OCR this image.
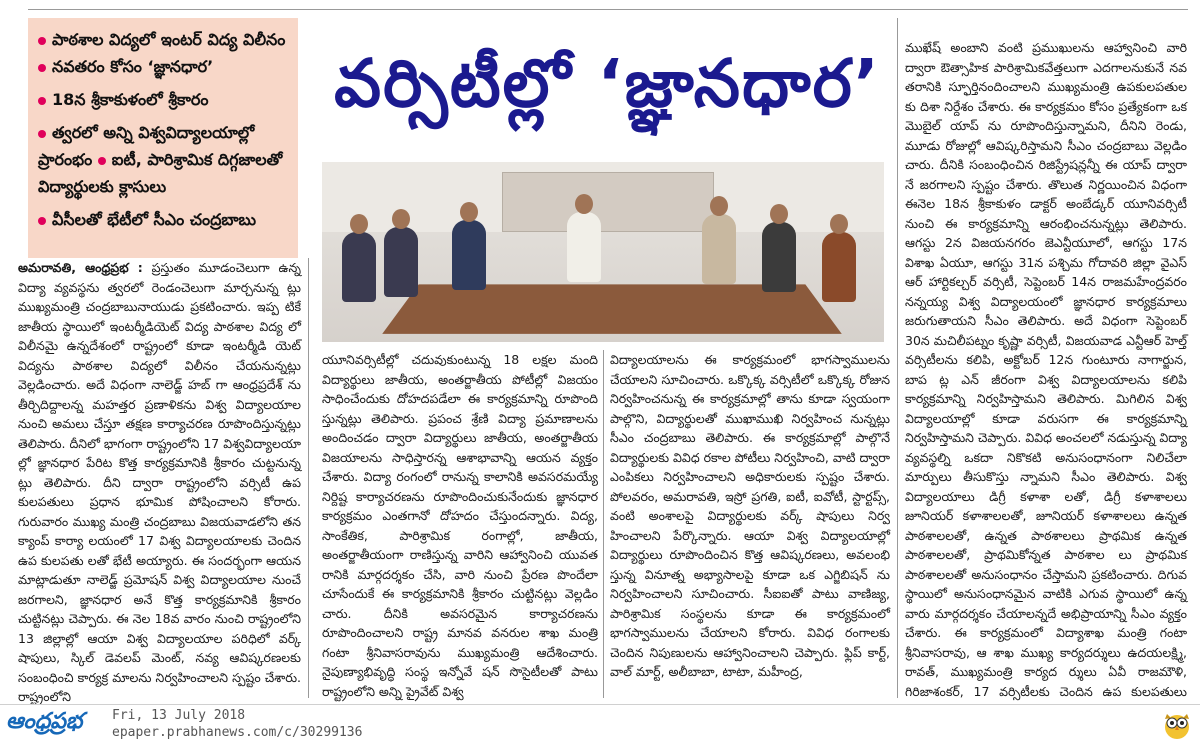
పాఠశాల విద్యలో ఇంటర్ విద్య విలీనం నవతరం కోసం ‘జ్ఞానధార’

18న శ్రీకాకుళంలో శ్రీకారం

త్వరలో అన్ని విశ్వవిద్యాలయాల్లో ప్రారంభం ఐటీ, పారిశ్రామిక దిగ్గజాలతో విద్యార్థులకు క్లాసులు

వీసీలతో భేటీలో సీఎం చంద్రబాబు

వర్సిటీల్లో ‘జ్ఞానధార’

అమరావతి, ఆంధ్రప్రభ : ప్రస్తుతం మూడంచెలుగా ఉన్న విద్యా వ్యవస్థను త్వరలో రెండంచెలుగా మార్చనున్న ట్లు ముఖ్యమంత్రి చంద్రబాబునాయుడు ప్రకటించారు. ఇప్ప టికే జాతీయ స్థాయిలో ఇంటర్మీడియెట్ విద్య పాఠశాల విద్య లో విలీనమై ఉన్నదేశంలో రాష్ట్రంలో కూడా ఇంటర్మీడి యెట్ విద్యను పాఠశాల విద్యలో విలీనం చేయనున్నట్లు వెల్లడించారు. అదే విధంగా నాలెడ్జ్ హబ్ గా ఆంధ్రప్రదేశ్ ను తీర్చిదిద్దాలన్న మహత్తర ప్రణాళికను విశ్వ విద్యాలయాల నుంచి అమలు చేస్తూ తక్షణ కార్యాచరణ రూపొందిస్తున్నట్లు తెలిపారు. దీనిలో భాగంగా రాష్ట్రంలోని 17 విశ్వవిద్యాలయా ల్లో జ్ఞానధార పేరిట కొత్త కార్యక్రమానికి శ్రీకారం చుట్టనున్న ట్లు తెలిపారు. దీని ద్వారా రాష్ట్రంలోని వర్సిటీ ఉప కులపతులు ప్రధాన భూమిక పోషించాలని కోరారు. గురువారం ముఖ్య మంత్రి చంద్రబాబు విజయవాడలోని తన క్యాంప్ కార్యా లయంలో 17 విశ్వ విద్యాలయాలకు చెందిన ఉప కులపతు లతో భేటీ అయ్యారు. ఈ సందర్భంగా ఆయన మాట్లాడుతూ నాలెడ్జ్ ప్రమోషన్ విశ్వ విద్యాలయాల నుంచే జరగాలని, జ్ఞానధార అనే కొత్త కార్యక్రమానికి శ్రీకారం చుట్టినట్లు చెప్పారు. ఈ నెల 18వ వారం నుంచి రాష్ట్రంలోని 13 జిల్లాల్లో ఆయా విశ్వ విద్యాలయాల పరిధిలో వర్క్ షాపులు, స్కిల్ డెవలప్ మెంట్, నవ్య ఆవిష్కరణలకు సంబంధించి కార్యక్ర మాలను నిర్వహించాలని స్పష్టం చేశారు. రాష్ట్రంలోని

యూనివర్సిటీల్లో చదువుకుంటున్న 18 లక్షల మంది విద్యార్థులు జాతీయ, అంతర్జాతీయ పోటీల్లో విజయం సాధించేందుకు దోహదపడేలా ఈ కార్యక్రమాన్ని రూపొంది స్తున్నట్లు తెలిపారు. ప్రపంచ శ్రేణి విద్యా ప్రమాణాలను అందించడం ద్వారా విద్యార్థులు జాతీయ, అంతర్జాతీయ విజయాలను సాధిస్తారన్న ఆశాభావాన్ని ఆయన వ్యక్తం చేశారు. విద్యా రంగంలో రానున్న కాలానికి అవసరమయ్యే నిర్దిష్ట కార్యాచరణను రూపొందించుకునేందుకు జ్ఞానధార కార్యక్రమం ఎంతగానో దోహదం చేస్తుందన్నారు. విద్య, సాంకేతిక, పారిశ్రామిక రంగాల్లో, జాతీయ, అంతర్జాతీయంగా రాణిస్తున్న వారిని ఆహ్వానించి యువత రానికి మార్గదర్శకం చేసి, వారి నుంచి ప్రేరణ పొందేలా చూసేందుకే ఈ కార్యక్రమానికి శ్రీకారం చుట్టినట్లు వెల్లడిం చారు. దీనికి అవసరమైన కార్యాచరణను రూపొందించాలని రాష్ట్ర మానవ వనరుల శాఖ మంత్రి గంటా శ్రీనివాసరావును ముఖ్యమంత్రి ఆదేశించారు. నైపుణ్యాభివృద్ధి సంస్థ ఇన్నోవే షన్ సొసైటీలతో పాటు రాష్ట్రంలోని అన్ని ప్రైవేట్ విశ్వ

విద్యాలయాలను ఈ కార్యక్రమంలో భాగస్వాములను చేయాలని సూచించారు. ఒక్కొక్క వర్సిటీలో ఒక్కొక్క రోజున నిర్వహించనున్న ఈ కార్యక్రమాల్లో తాను కూడా స్వయంగా పాల్గొని, విద్యార్థులతో ముఖాముఖి నిర్వహించ నున్నట్లు సీఎం చంద్రబాబు తెలిపారు. ఈ కార్యక్రమాల్లో పాల్గొనే విద్యార్థులకు వివిధ రకాల పోటీలు నిర్వహించి, వాటి ద్వారా ఎంపికలు నిర్వహించాలని అధికారులకు స్పష్టం చేశారు. పోలవరం, అమరావతి, ఇస్రో ప్రగతి, ఐటీ, ఐవోటీ, స్టార్టప్స్, వంటి అంశాలపై విద్యార్థులకు వర్క్ షాపులు నిర్వ హించాలని పేర్కొన్నారు. ఆయా విశ్వ విద్యాలయాల్లో విద్యార్థులు రూపొందించిన కొత్త ఆవిష్కరణలు, అవలంభి స్తున్న వినూత్న అభ్యాసాలపై కూడా ఒక ఎగ్జిబిషన్ ను నిర్వహించాలని సూచించారు. సీఐఐతో పాటు వాణిజ్య, పారిశ్రామిక సంస్థలను కూడా ఈ కార్యక్రమంలో భాగస్వాములను చేయాలని కోరారు. వివిధ రంగాలకు చెందిన నిపుణులను ఆహ్వానించాలని చెప్పారు. ఫ్లిప్ కార్ట్, వాల్ మార్ట్, అలీబాబా, టాటా, మహీంద్ర,

ముఖేష్ అంబాని వంటి ప్రముఖులను ఆహ్వానించి వారి ద్వారా ఔత్సాహిక పారిశ్రామికవేత్తలుగా ఎదగాలనుకునే నవ తరానికి స్ఫూర్తినందించాలని ముఖ్యమంత్రి ఉపకులపతుల కు దిశా నిర్దేశం చేశారు. ఈ కార్యక్రమం కోసం ప్రత్యేకంగా ఒక మొబైల్ యాప్ ను రూపొందిస్తున్నామని, దీనిని రెండు, మూడు రోజుల్లో ఆవిష్కరిస్తామని సీఎం చంద్రబాబు వెల్లడిం చారు. దీనికి సంబంధించిన రిజిస్ట్రేషన్లన్నీ ఈ యాప్ ద్వారా నే జరగాలని స్పష్టం చేశారు. తొలుత నిర్ణయించిన విధంగా ఈనెల 18న శ్రీకాకుళం డాక్టర్ అంబేడ్కర్ యూనివర్సిటీ నుంచి ఈ కార్యక్రమాన్ని ఆరంభించనున్నట్లు తెలిపారు. ఆగస్టు 2న విజయనగరం జెఎన్టీయూలో, ఆగస్టు 17న విశాఖ ఏయూ, ఆగస్టు 31న పశ్చిమ గోదావరి జిల్లా వైఎస్ ఆర్ హార్టికల్చర్ వర్సిటీ, సెప్టెంబర్ 14న రాజమహేంద్రవరం నన్నయ్య విశ్వ విద్యాలయంలో జ్ఞానధార కార్యక్రమాలు జరుగుతాయని సీఎం తెలిపారు. అదే విధంగా సెప్టెంబర్ 30న మచిలీపట్నం కృష్ణా వర్సిటీ, విజయవాడ ఎన్టీఆర్ హెల్త్ వర్సిటీలను కలిపి, అక్టోబర్ 12న గుంటూరు నాగార్జున, బాప ట్ల ఎన్ జీరంగా విశ్వ విద్యాలయాలను కలిపి కార్యక్రమాన్ని నిర్వహిస్తామని తెలిపారు. మిగిలిన విశ్వ విద్యాలయాల్లో కూడా వరుసగా ఈ కార్యక్రమాన్ని నిర్వహిస్తామని చెప్పారు. వివిధ అంచలలో నడుస్తున్న విద్యా వ్యవస్థల్ని ఒకదా నికొకటి అనుసంధానంగా నిలిచేలా మార్పులు తీసుకొస్తు న్నామని సీఎం తెలిపారు. విశ్వ విద్యాలయాలు డిగ్రీ కళాశా లతో, డిగ్రీ కళాశాలలు జూనియర్ కళాశాలలతో, జూనియర్ కళాశాలలు ఉన్నత పాఠశాలలతో, ఉన్నత పాఠశాలలు ప్రాథమిక ఉన్నత పాఠశాలలతో, ప్రాథమికోన్నత పాఠశాల లు ప్రాథమిక పాఠశాలలతో అనుసంధానం చేస్తామని ప్రకటించారు. దిగువ స్థాయిలో అనుసంధానమైన వాటికి ఎగువ స్థాయిలో ఉన్న వారు మార్గదర్శకం చేయాలన్నదే అభిప్రాయాన్ని సీఎం వ్యక్తం చేశారు. ఈ కార్యక్రమంలో విద్యాశాఖ మంత్రి గంటా శ్రీనివాసరావు, ఆ శాఖ ముఖ్య కార్యదర్శులు ఉదయలక్ష్మి, రావత్, ముఖ్యమంత్రి కార్యద ర్శులు ఏవీ రాజమౌళి, గిరిజాశంకర్, 17 వర్సిటీలకు చెందిన ఉప కులపతులు

ఆంధ్రప్రభ Fri, 13 July 2018
epaper.prabhanews.com/c/30299136
